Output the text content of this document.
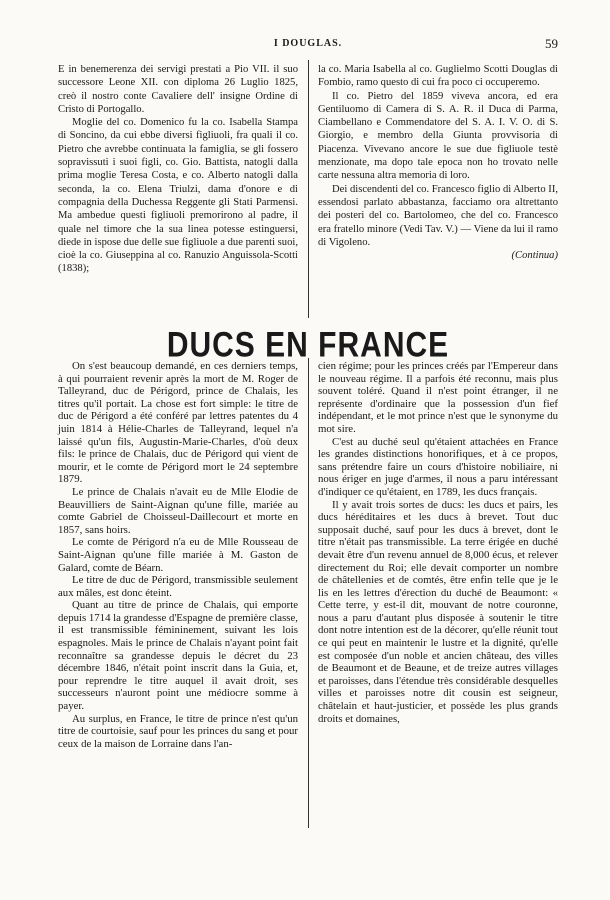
I DOUGLAS.	59

E in benemerenza dei servigi prestati a Pio VII. il suo successore Leone XII. con diploma 26 Luglio 1825, creò il nostro conte Cavaliere dell' insigne Ordine di Cristo di Portogallo.

Moglie del co. Domenico fu la co. Isabella Stampa di Soncino, da cui ebbe diversi figliuoli, fra quali il co. Pietro che avrebbe continuata la famiglia, se gli fossero sopravissuti i suoi figli, co. Gio. Battista, natogli dalla prima moglie Teresa Costa, e co. Alberto natogli dalla seconda, la co. Elena Triulzi, dama d'onore e di compagnia della Duchessa Reggente gli Stati Parmensi. Ma ambedue questi figliuoli premorirono al padre, il quale nel timore che la sua linea potesse estinguersi, diede in ispose due delle sue figliuole a due parenti suoi, cioè la co. Giuseppina al co. Ranuzio Anguissola-Scotti (1838);

la co. Maria Isabella al co. Guglielmo Scotti Douglas di Fombio, ramo questo di cui fra poco ci occuperemo.

Il co. Pietro del 1859 viveva ancora, ed era Gentiluomo di Camera di S. A. R. il Duca di Parma, Ciambellano e Commendatore del S. A. I. V. O. di S. Giorgio, e membro della Giunta provvisoria di Piacenza. Vivevano ancore le sue due figliuole testè menzionate, ma dopo tale epoca non ho trovato nelle carte nessuna altra memoria di loro.

Dei discendenti del co. Francesco figlio di Alberto II, essendosi parlato abbastanza, facciamo ora altrettanto dei posteri del co. Bartolomeo, che del co. Francesco era fratello minore (Vedi Tav. V.) — Viene da lui il ramo di Vigoleno.

(Continua)

DUCS EN FRANCE

On s'est beaucoup demandé, en ces derniers temps, à qui pourraient revenir après la mort de M. Roger de Talleyrand, duc de Périgord, prince de Chalais, les titres qu'il portait. La chose est fort simple: le titre de duc de Périgord a été conféré par lettres patentes du 4 juin 1814 à Hélie-Charles de Talleyrand, lequel n'a laissé qu'un fils, Augustin-Marie-Charles, d'où deux fils: le prince de Chalais, duc de Périgord qui vient de mourir, et le comte de Périgord mort le 24 septembre 1879.

Le prince de Chalais n'avait eu de Mlle Elodie de Beauvilliers de Saint-Aignan qu'une fille, mariée au comte Gabriel de Choisseul-Daillecourt et morte en 1857, sans hoirs.

Le comte de Périgord n'a eu de Mlle Rousseau de Saint-Aignan qu'une fille mariée à M. Gaston de Galard, comte de Béarn.

Le titre de duc de Périgord, transmissible seulement aux mâles, est donc éteint.

Quant au titre de prince de Chalais, qui emporte depuis 1714 la grandesse d'Espagne de première classe, il est transmissible fémininement, suivant les lois espagnoles. Mais le prince de Chalais n'ayant point fait reconnaître sa grandesse depuis le décret du 23 décembre 1846, n'était point inscrit dans la Guia, et, pour reprendre le titre auquel il avait droit, ses successeurs n'auront point une médiocre somme à payer.

Au surplus, en France, le titre de prince n'est qu'un titre de courtoisie, sauf pour les princes du sang et pour ceux de la maison de Lorraine dans l'an-

cien régime; pour les princes créés par l'Empereur dans le nouveau régime. Il a parfois été reconnu, mais plus souvent toléré. Quand il n'est point étranger, il ne représente d'ordinaire que la possession d'un fief indépendant, et le mot prince n'est que le synonyme du mot sire.

C'est au duché seul qu'étaient attachées en France les grandes distinctions honorifiques, et à ce propos, sans prétendre faire un cours d'histoire nobiliaire, ni nous ériger en juge d'armes, il nous a paru intéressant d'indiquer ce qu'étaient, en 1789, les ducs français.

Il y avait trois sortes de ducs: les ducs et pairs, les ducs héréditaires et les ducs à brevet. Tout duc supposait duché, sauf pour les ducs à brevet, dont le titre n'était pas transmissible. La terre érigée en duché devait être d'un revenu annuel de 8,000 écus, et relever directement du Roi; elle devait comporter un nombre de châtellenies et de comtés, être enfin telle que je le lis en les lettres d'érection du duché de Beaumont: « Cette terre, y est-il dit, mouvant de notre couronne, nous a paru d'autant plus disposée à soutenir le titre dont notre intention est de la décorer, qu'elle réunit tout ce qui peut en maintenir le lustre et la dignité, qu'elle est composée d'un noble et ancien château, des villes de Beaumont et de Beaune, et de treize autres villages et paroisses, dans l'étendue très considérable desquelles villes et paroisses notre dit cousin est seigneur, châtelain et haut-justicier, et possède les plus grands droits et domaines,
